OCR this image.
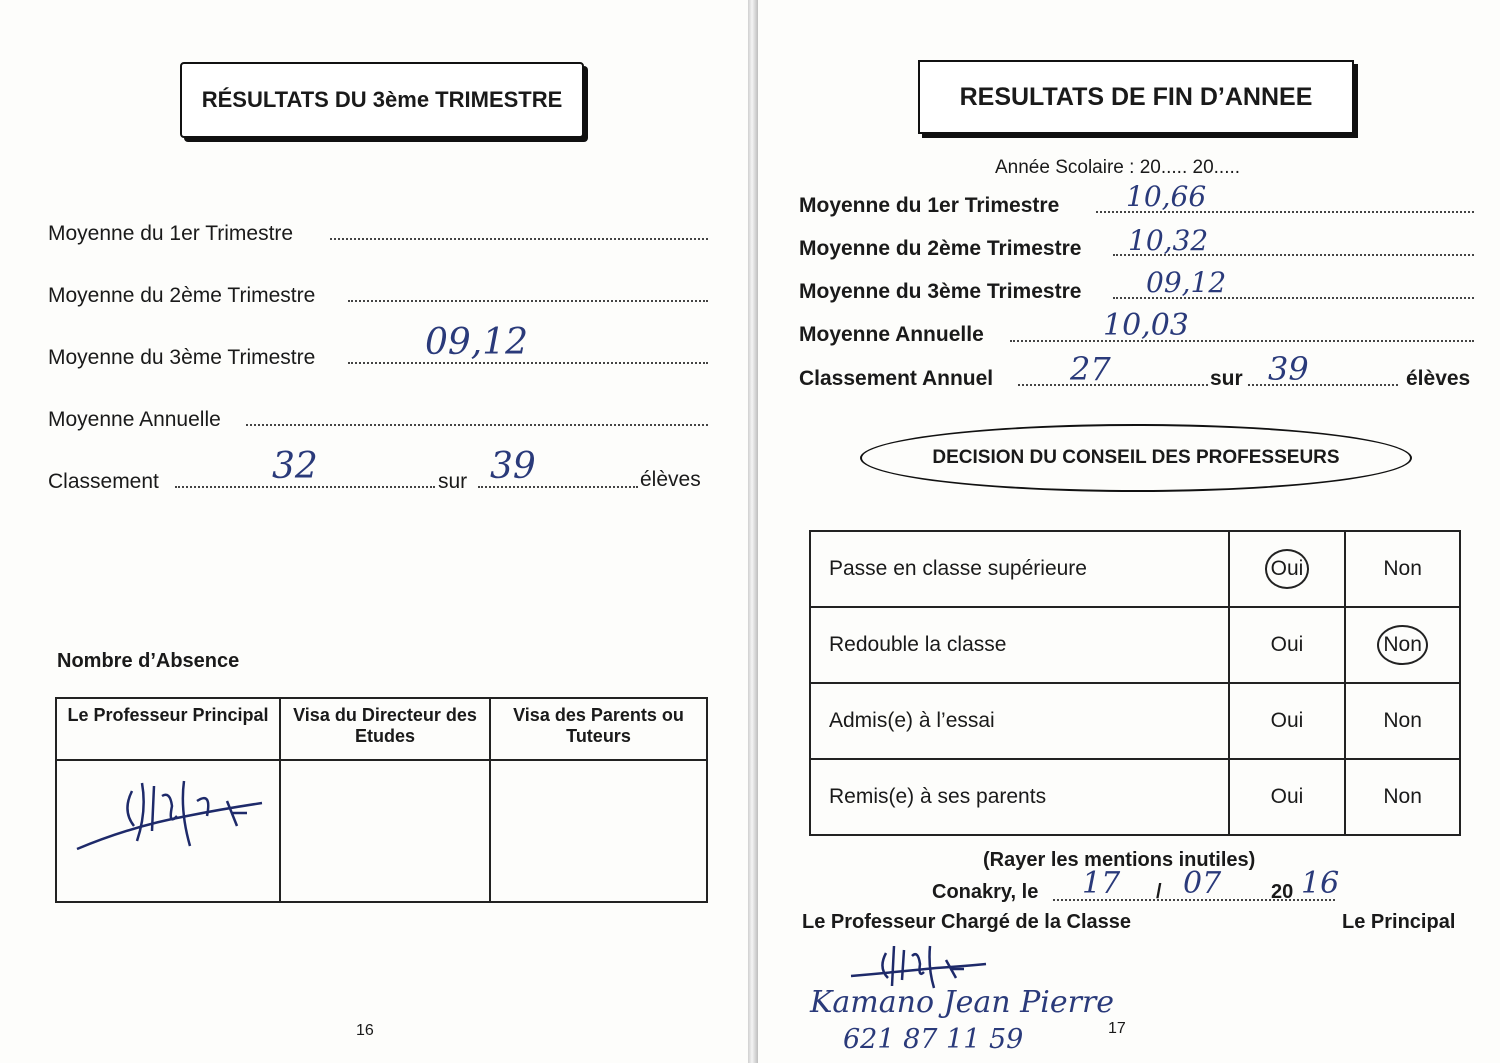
RÉSULTATS DU 3ème TRIMESTRE
Moyenne du 1er Trimestre
Moyenne du 2ème Trimestre
Moyenne du 3ème Trimestre	09,12
Moyenne Annuelle
Classement	32	sur 39	élèves
Nombre d’Absence
Le Professeur Principal	Visa du Directeur des Etudes	Visa des Parents ou Tuteurs

16
RESULTATS DE FIN D’ANNEE
Année Scolaire : 20..... 20.....
Moyenne du 1er Trimestre 10,66
Moyenne du 2ème Trimestre 10,32
Moyenne du 3ème Trimestre 09,12
Moyenne Annuelle	10,03
Classement Annuel 27	sur 39	élèves
DECISION DU CONSEIL DES PROFESSEURS
Passe en classe supérieure	Oui	Non
Redouble la classe	Oui	Non
Admis(e) à l’essai	Oui	Non
Remis(e) à ses parents	Oui	Non
(Rayer les mentions inutiles)
Conakry, le 17 / 07 20 16
Le Professeur Chargé de la Classe	Le Principal
Kamano Jean Pierre
621 87 11 59	17
